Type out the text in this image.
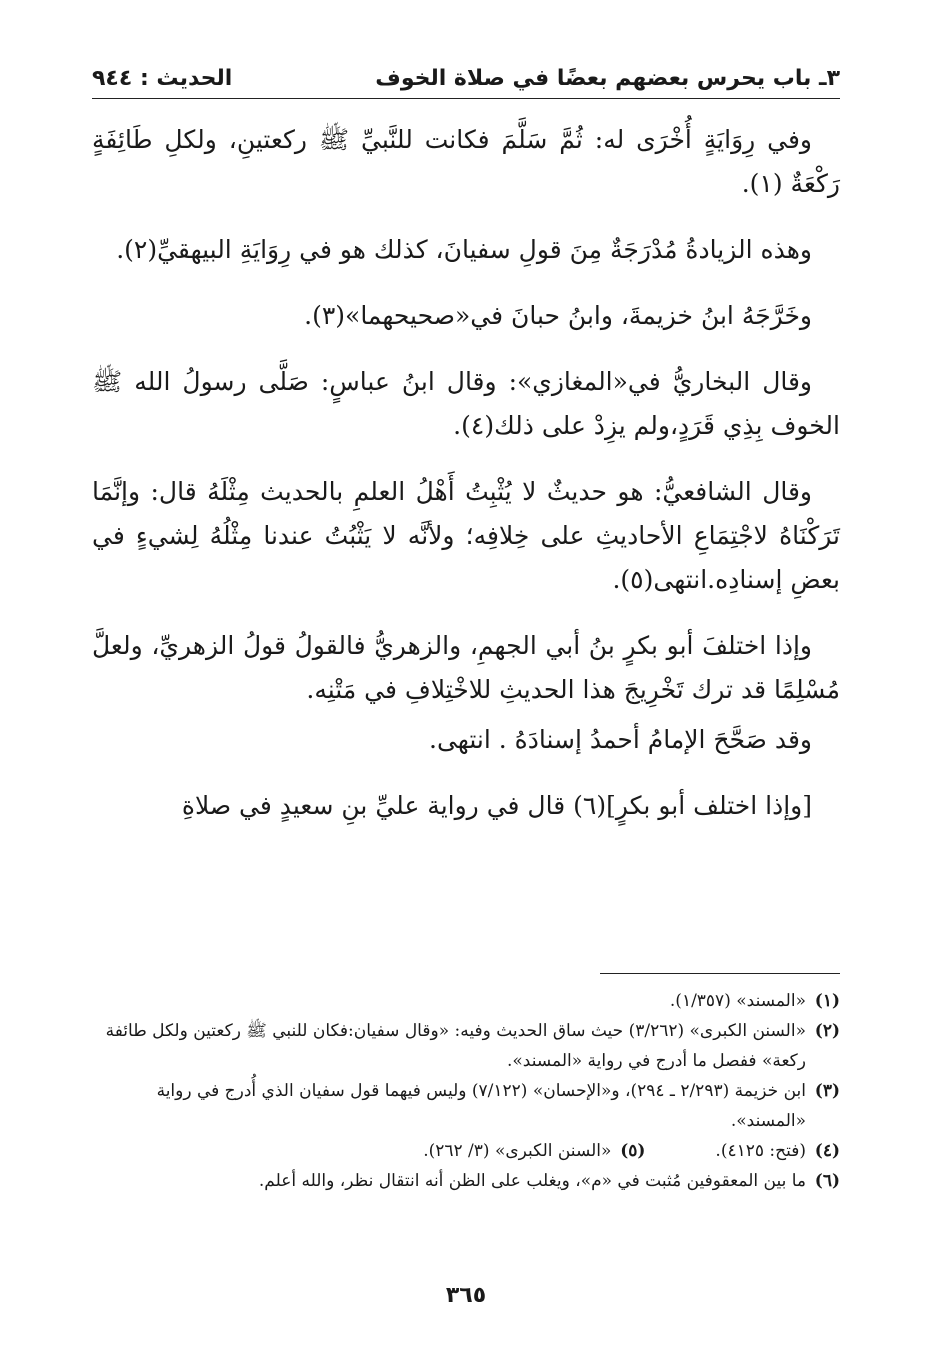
٣ـ باب يحرس بعضهم بعضًا في صلاة الخوف
الحديث : ٩٤٤

وفي رِوَايَةٍ أُخْرَى له: ثُمَّ سَلَّمَ فكانت للنَّبيِّ ﷺ ركعتينِ، ولكلِ طَائِفَةٍ رَكْعَةٌ (١).

وهذه الزيادةُ مُدْرَجَةٌ مِنَ قولِ سفيانَ، كذلك هو في رِوَايَةِ البيهقيِّ(٢).

وخَرَّجَهُ ابنُ خزيمةَ، وابنُ حبانَ في«صحيحهما»(٣).

وقال البخاريُّ في«المغازي»: وقال ابنُ عباسٍ: صَلَّى رسولُ الله ﷺ الخوف بِذِي قَرَدٍ،ولم يزِدْ على ذلك(٤).

وقال الشافعيُّ: هو حديثٌ لا يُثْبِتُ أَهْلُ العلمِ بالحديث مِثْلَهُ قال: وإنَّمَا تَرَكْنَاهُ لاجْتِمَاعِ الأحاديثِ على خِلافِه؛ ولأنَّه لا يَثْبُتُ عندنا مِثْلُهُ لِشيءٍ في بعضِ إسنادِه.انتهى(٥).

وإذا اختلفَ أبو بكرٍ بنُ أبي الجهمِ، والزهريُّ فالقولُ قولُ الزهريِّ، ولعلَّ مُسْلِمًا قد ترك تَخْرِيجَ هذا الحديثِ للاخْتِلافِ في مَتْنِه.

وقد صَحَّحَ الإمامُ أحمدُ إسنادَهُ . انتهى.

[وإذا اختلف أبو بكرٍ](٦) قال في رواية عليِّ بنِ سعيدٍ في صلاةِ

(١)
«المسند» (١/٣٥٧).

(٢)
«السنن الكبرى» (٣/٢٦٢) حيث ساق الحديث وفيه: «وقال سفيان:فكان للنبي ﷺ ركعتين ولكل طائفة ركعة» ففصل ما أدرج في رواية «المسند».

(٣)
ابن خزيمة (٢/٢٩٣ ـ ٢٩٤)، و«الإحسان» (٧/١٢٢) وليس فيهما قول سفيان الذي أُدرج في رواية «المسند».

(٤)
(فتح: ٤١٢٥).

(٥)
«السنن الكبرى» (٣/ ٢٦٢).

(٦)
ما بين المعقوفين مُثبت في «م»، ويغلب على الظن أنه انتقال نظر، والله أعلم.

٣٦٥
